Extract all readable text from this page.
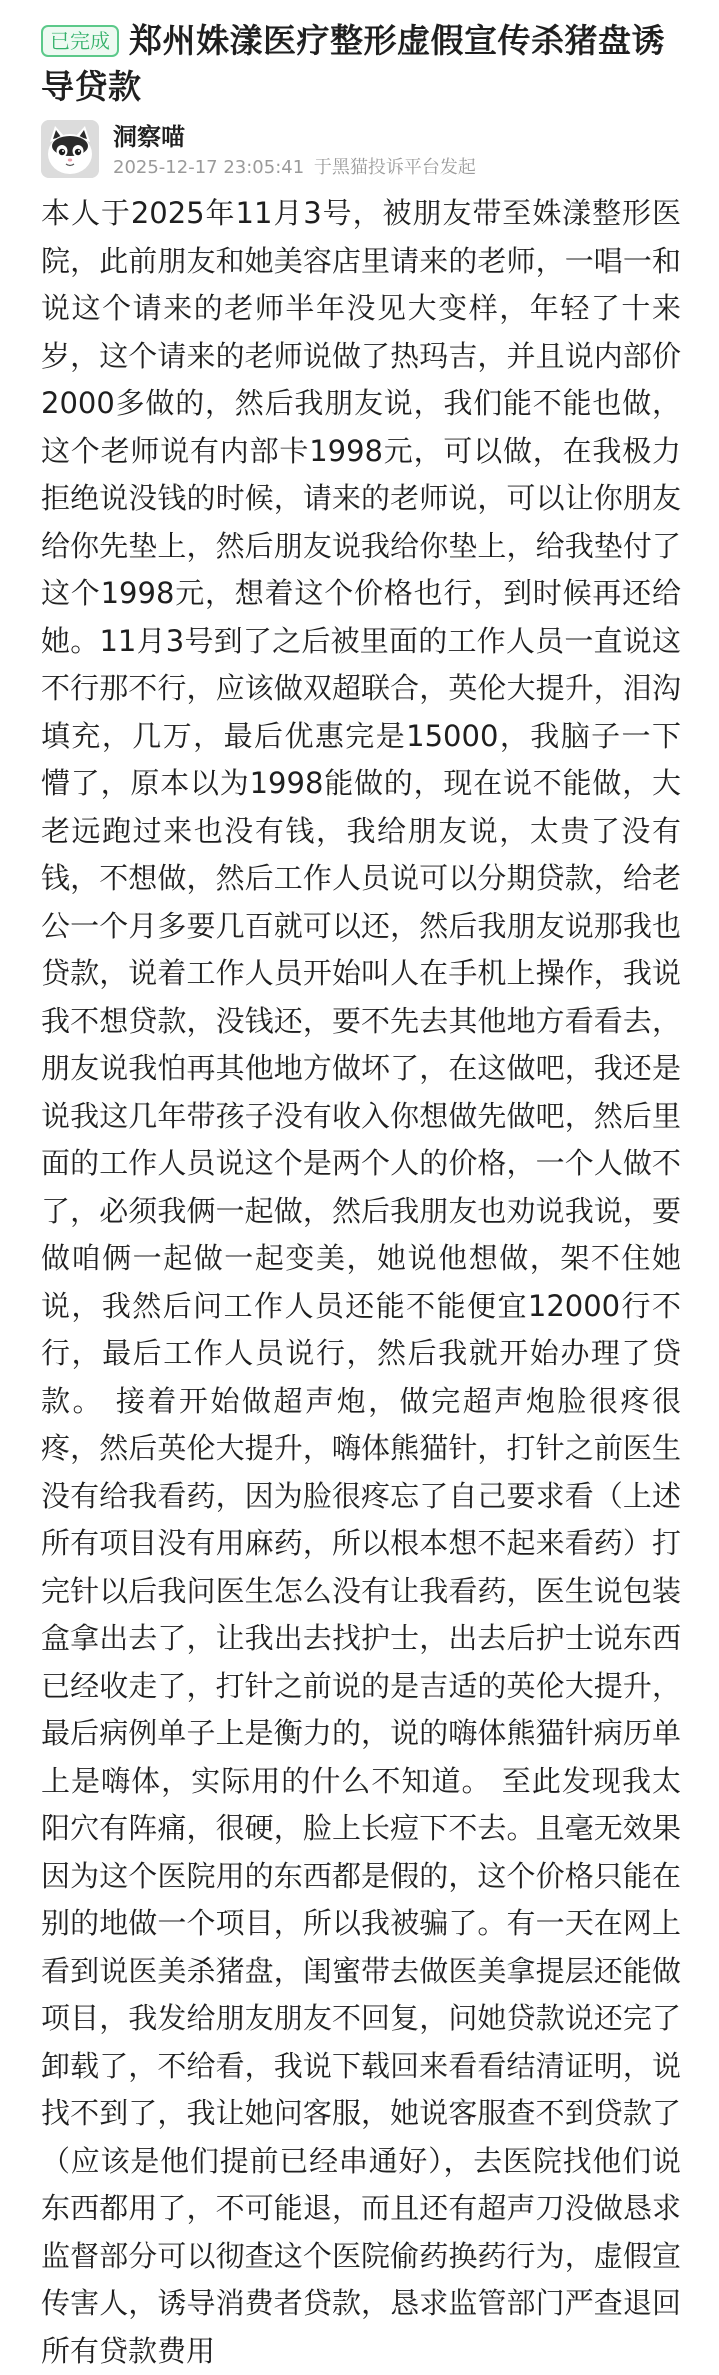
已完成 郑州姝漾医疗整形虚假宣传杀猪盘诱导贷款
洞察喵
2025-12-17 23:05:41 于黑猫投诉平台发起

本人于2025年11月3号，被朋友带至姝漾整形医院，此前朋友和她美容店里请来的老师，一唱一和说这个请来的老师半年没见大变样，年轻了十来岁，这个请来的老师说做了热玛吉，并且说内部价2000多做的，然后我朋友说，我们能不能也做，这个老师说有内部卡1998元，可以做，在我极力拒绝说没钱的时候，请来的老师说，可以让你朋友给你先垫上，然后朋友说我给你垫上，给我垫付了这个1998元，想着这个价格也行，到时候再还给她。11月3号到了之后被里面的工作人员一直说这不行那不行，应该做双超联合，英伦大提升，泪沟填充，几万，最后优惠完是15000，我脑子一下懵了，原本以为1998能做的，现在说不能做，大老远跑过来也没有钱，我给朋友说，太贵了没有钱，不想做，然后工作人员说可以分期贷款，给老公一个月多要几百就可以还，然后我朋友说那我也贷款，说着工作人员开始叫人在手机上操作，我说我不想贷款，没钱还，要不先去其他地方看看去，朋友说我怕再其他地方做坏了，在这做吧，我还是说我这几年带孩子没有收入你想做先做吧，然后里面的工作人员说这个是两个人的价格，一个人做不了，必须我俩一起做，然后我朋友也劝说我说，要做咱俩一起做一起变美，她说他想做，架不住她说，我然后问工作人员还能不能便宜12000行不行，最后工作人员说行，然后我就开始办理了贷款。 接着开始做超声炮，做完超声炮脸很疼很疼，然后英伦大提升，嗨体熊猫针，打针之前医生没有给我看药，因为脸很疼忘了自己要求看（上述所有项目没有用麻药，所以根本想不起来看药）打完针以后我问医生怎么没有让我看药，医生说包装盒拿出去了，让我出去找护士，出去后护士说东西已经收走了，打针之前说的是吉适的英伦大提升，最后病例单子上是衡力的，说的嗨体熊猫针病历单上是嗨体，实际用的什么不知道。 至此发现我太阳穴有阵痛，很硬，脸上长痘下不去。且毫无效果因为这个医院用的东西都是假的，这个价格只能在别的地做一个项目，所以我被骗了。有一天在网上看到说医美杀猪盘，闺蜜带去做医美拿提层还能做项目，我发给朋友朋友不回复，问她贷款说还完了卸载了，不给看，我说下载回来看看结清证明，说找不到了，我让她问客服，她说客服查不到贷款了（应该是他们提前已经串通好），去医院找他们说东西都用了，不可能退，而且还有超声刀没做恳求监督部分可以彻查这个医院偷药换药行为，虚假宣传害人，诱导消费者贷款，恳求监管部门严查退回所有贷款费用
